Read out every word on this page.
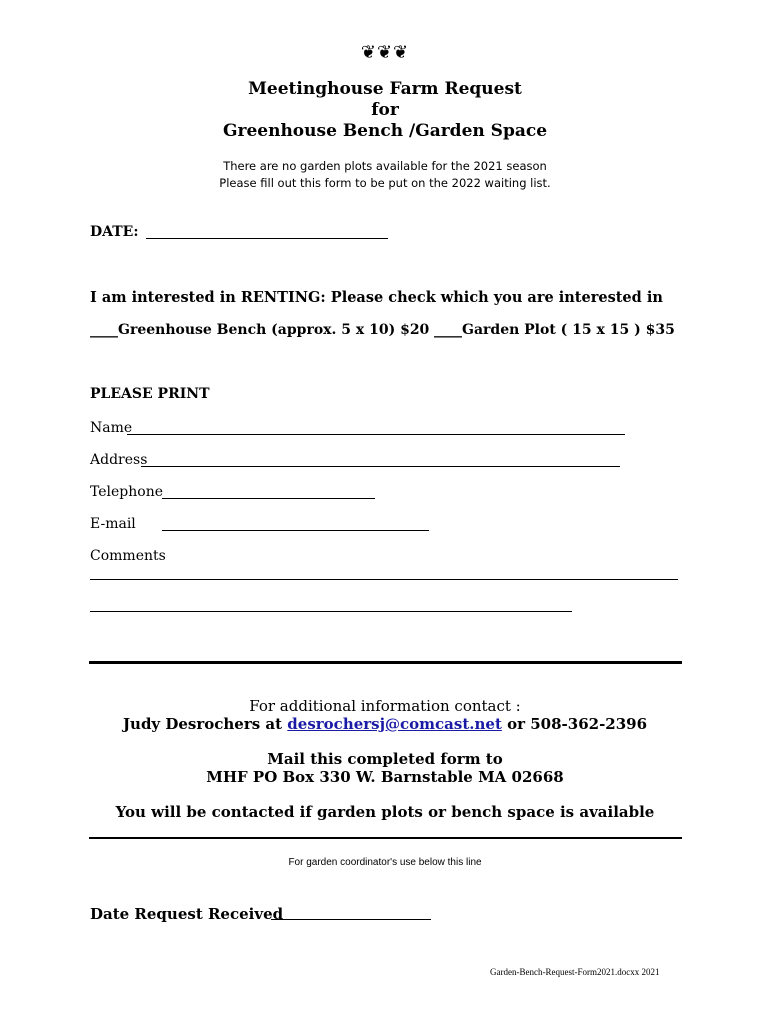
❦❦❦
Meetinghouse Farm Request
for
Greenhouse Bench /Garden Space
There are no garden plots available for the 2021 season
Please fill out this form to be put on the 2022 waiting list.
DATE:
I am interested in RENTING: Please check which you are interested in
____Greenhouse Bench (approx. 5 x 10) $20 ____Garden Plot ( 15 x 15 ) $35
PLEASE PRINT
Name
Address
Telephone
E-mail
Comments
For additional information contact :
Judy Desrochers at desrochersj@comcast.net or 508-362-2396
Mail this completed form to
MHF PO Box 330 W. Barnstable MA 02668
You will be contacted if garden plots or bench space is available
For garden coordinator's use below this line
Date Request Received
Garden-Bench-Request-Form2021.docxx 2021
